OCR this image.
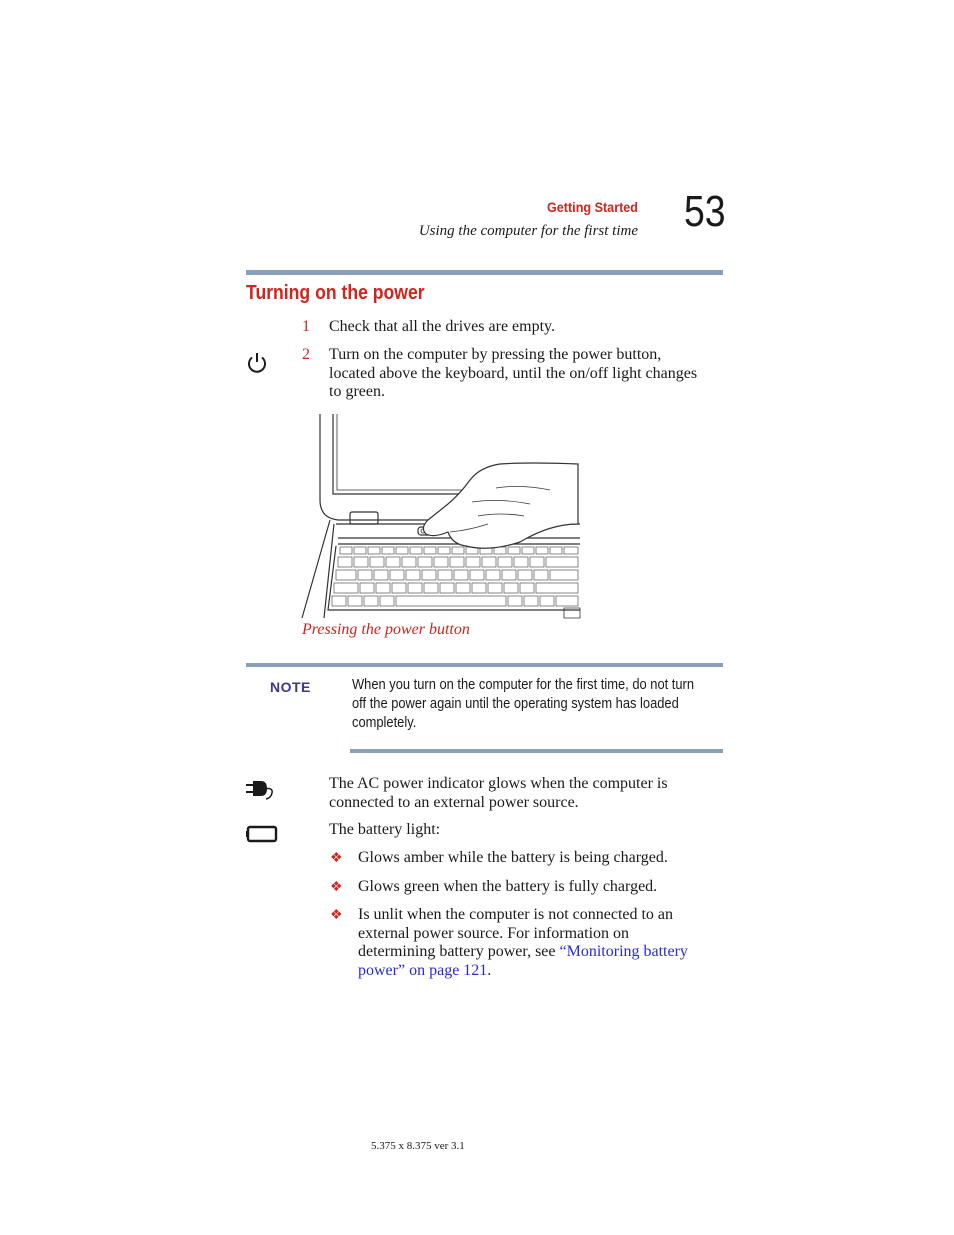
Getting Started
Using the computer for the first time 53
Turning on the power
1 Check that all the drives are empty.
2 Turn on the computer by pressing the power button,
located above the keyboard, until the on/off light changes
to green.
Pressing the power button
NOTE	When you turn on the computer for the first time, do not turn
off the power again until the operating system has loaded
completely.
The AC power indicator glows when the computer is
connected to an external power source.
The battery light:
❖ Glows amber while the battery is being charged.
❖ Glows green when the battery is fully charged.
❖ Is unlit when the computer is not connected to an
external power source. For information on
determining battery power, see “Monitoring battery
power” on page 121.
5.375 x 8.375 ver 3.1
